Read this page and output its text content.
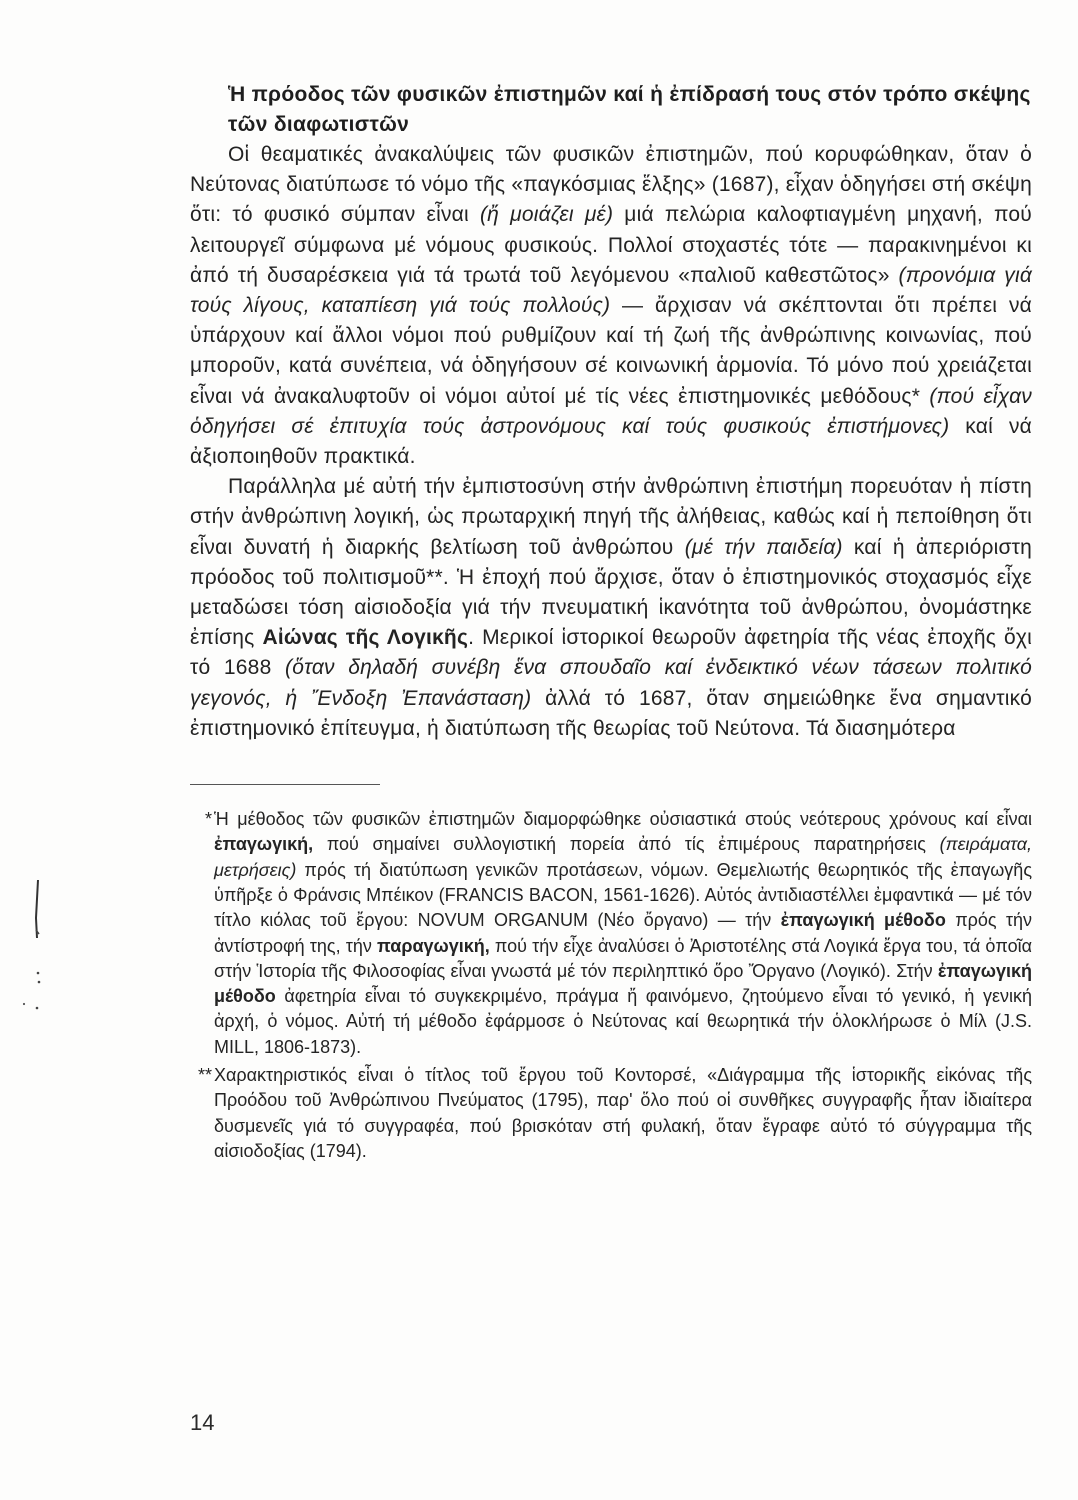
Ἡ πρόοδος τῶν φυσικῶν ἐπιστημῶν καί ἡ ἐπίδρασή τους στόν τρόπο σκέψης τῶν διαφωτιστῶν

Οἱ θεαματικές ἀνακαλύψεις τῶν φυσικῶν ἐπιστημῶν, πού κορυφώθηκαν, ὅταν ὁ Νεύτονας διατύπωσε τό νόμο τῆς «παγκόσμιας ἕλξης» (1687), εἶχαν ὁδηγήσει στή σκέψη ὅτι: τό φυσικό σύμπαν εἶναι (ἤ μοιάζει μέ) μιά πελώρια καλοφτιαγμένη μηχανή, πού λειτουργεῖ σύμφωνα μέ νόμους φυσικούς. Πολλοί στοχαστές τότε — παρακινημένοι κι ἀπό τή δυσαρέσκεια γιά τά τρωτά τοῦ λεγόμενου «παλιοῦ καθεστῶτος» (προνόμια γιά τούς λίγους, καταπίεση γιά τούς πολλούς) — ἄρχισαν νά σκέπτονται ὅτι πρέπει νά ὑπάρχουν καί ἄλλοι νόμοι πού ρυθμίζουν καί τή ζωή τῆς ἀνθρώπινης κοινωνίας, πού μποροῦν, κατά συνέπεια, νά ὁδηγήσουν σέ κοινωνική ἁρμονία. Τό μόνο πού χρειάζεται εἶναι νά ἀνακαλυφτοῦν οἱ νόμοι αὐτοί μέ τίς νέες ἐπιστημονικές μεθόδους* (πού εἶχαν ὁδηγήσει σέ ἐπιτυχία τούς ἀστρονόμους καί τούς φυσικούς ἐπιστήμονες) καί νά ἀξιοποιηθοῦν πρακτικά.

Παράλληλα μέ αὐτή τήν ἐμπιστοσύνη στήν ἀνθρώπινη ἐπιστήμη πορευόταν ἡ πίστη στήν ἀνθρώπινη λογική, ὡς πρωταρχική πηγή τῆς ἀλήθειας, καθώς καί ἡ πεποίθηση ὅτι εἶναι δυνατή ἡ διαρκής βελτίωση τοῦ ἀνθρώπου (μέ τήν παιδεία) καί ἡ ἀπεριόριστη πρόοδος τοῦ πολιτισμοῦ**. Ἡ ἐποχή πού ἄρχισε, ὅταν ὁ ἐπιστημονικός στοχασμός εἶχε μεταδώσει τόση αἰσιοδοξία γιά τήν πνευματική ἱκανότητα τοῦ ἀνθρώπου, ὀνομάστηκε ἐπίσης Αἰώνας τῆς Λογικῆς. Μερικοί ἱστορικοί θεωροῦν ἀφετηρία τῆς νέας ἐποχῆς ὄχι τό 1688 (ὅταν δηλαδή συνέβη ἕνα σπουδαῖο καί ἐνδεικτικό νέων τάσεων πολιτικό γεγονός, ἡ Ἔνδοξη Ἐπανάσταση) ἀλλά τό 1687, ὅταν σημειώθηκε ἕνα σημαντικό ἐπιστημονικό ἐπίτευγμα, ἡ διατύπωση τῆς θεωρίας τοῦ Νεύτονα. Τά διασημότερα

* Ἡ μέθοδος τῶν φυσικῶν ἐπιστημῶν διαμορφώθηκε οὐσιαστικά στούς νεότερους χρόνους καί εἶναι ἐπαγωγική, πού σημαίνει συλλογιστική πορεία ἀπό τίς ἐπιμέρους παρατηρήσεις (πειράματα, μετρήσεις) πρός τή διατύπωση γενικῶν προτάσεων, νόμων. Θεμελιωτής θεωρητικός τῆς ἐπαγωγῆς ὑπῆρξε ὁ Φράνσις Μπέικον (FRANCIS BACON, 1561-1626). Αὐτός ἀντιδιαστέλλει ἐμφαντικά — μέ τόν τίτλο κιόλας τοῦ ἔργου: NOVUM ORGANUM (Νέο ὄργανο) — τήν ἐπαγωγική μέθοδο πρός τήν ἀντίστροφή της, τήν παραγωγική, πού τήν εἶχε ἀναλύσει ὁ Ἀριστοτέλης στά Λογικά ἔργα του, τά ὁποῖα στήν Ἱστορία τῆς Φιλοσοφίας εἶναι γνωστά μέ τόν περιληπτικό ὅρο Ὄργανο (Λογικό). Στήν ἐπαγωγική μέθοδο ἀφετηρία εἶναι τό συγκεκριμένο, πράγμα ἤ φαινόμενο, ζητούμενο εἶναι τό γενικό, ἡ γενική ἀρχή, ὁ νόμος. Αὐτή τή μέθοδο ἐφάρμοσε ὁ Νεύτονας καί θεωρητικά τήν ὁλοκλήρωσε ὁ Μίλ (J.S. MILL, 1806-1873).

** Χαρακτηριστικός εἶναι ὁ τίτλος τοῦ ἔργου τοῦ Κοντορσέ, «Διάγραμμα τῆς ἱστορικῆς εἰκόνας τῆς Προόδου τοῦ Ἀνθρώπινου Πνεύματος (1795), παρ' ὅλο πού οἱ συνθῆκες συγγραφῆς ἦταν ἰδιαίτερα δυσμενεῖς γιά τό συγγραφέα, πού βρισκόταν στή φυλακή, ὅταν ἔγραφε αὐτό τό σύγγραμμα τῆς αἰσιοδοξίας (1794).

14
